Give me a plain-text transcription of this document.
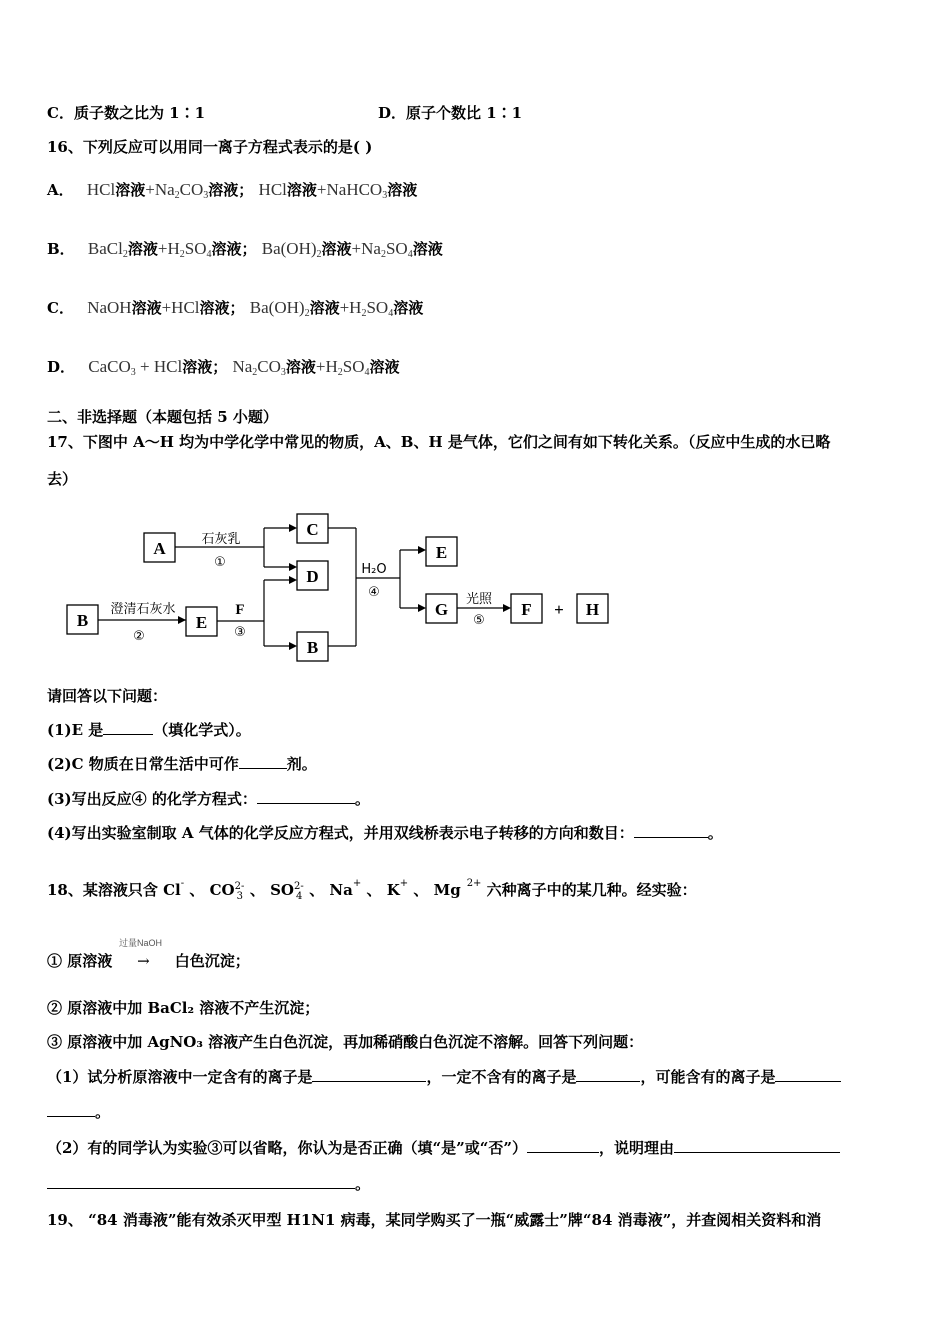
C．质子数之比为 1∶1	D．原子个数比 1∶1
16、下列反应可以用同一离子方程式表示的是( )
A． HCl溶液$+Na_2CO_3$溶液； HCl溶液+NaHCO$_3$溶液
B． BaCl$_2$溶液$+H_2SO_4$溶液； $Ba(OH)_2$溶液$+Na_2SO_4$溶液
C． NaOH溶液+HCl溶液； $Ba(OH)_2$溶液$+H_2SO_4$溶液
D． CaCO$_3$ + HCl溶液； $Na_2CO_3$溶液$+H_2SO_4$溶液
二、非选择题（本题包括 5 小题）
17、下图中 A～H 均为中学化学中常见的物质，A、B、H 是气体，它们之间有如下转化关系。（反应中生成的水已略
去）
A
C
D
B	E
B
E
G	F + H
石灰乳
①
澄清石灰水
②
F
③
H₂O
④	光照
⑤
请回答以下问题：
(1)E 是	（填化学式）。
(2)C 物质在日常生活中可作	剂。
(3)写出反应④ 的化学方程式：	。
(4)写出实验室制取 A 气体的化学反应方程式，并用双线桥表示电子转移的方向和数目：	。
18、某溶液只含 Cl- 、 CO 2-
3 、 SO 2-
4 、 Na+ 、 K+ 、 Mg $^{2+}$ 六种离子中的某几种。经实验：
过量NaOH
① 原溶液 → 白色沉淀；
② 原溶液中加 BaCl₂ 溶液不产生沉淀；
③ 原溶液中加 AgNO₃ 溶液产生白色沉淀，再加稀硝酸白色沉淀不溶解。回答下列问题：
（1）试分析原溶液中一定含有的离子是	，一定不含有的离子是	，可能含有的离子是
。
（2）有的同学认为实验③可以省略，你认为是否正确（填“是”或“否”）	，说明理由
。
19、 “84 消毒液”能有效杀灭甲型 H1N1 病毒，某同学购买了一瓶“威露士”牌“84 消毒液”，并查阅相关资料和消
